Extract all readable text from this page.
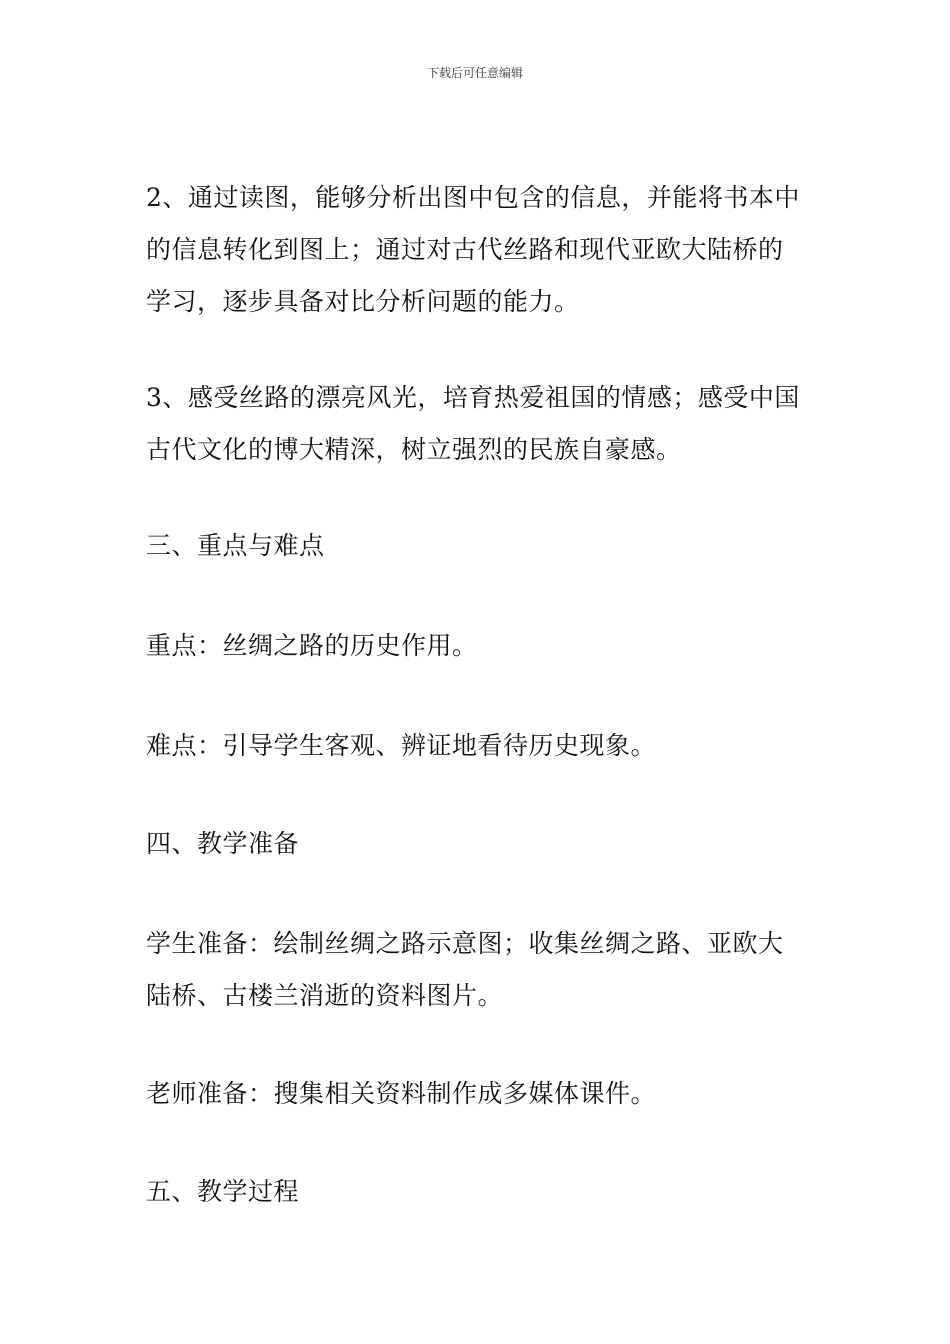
下载后可任意编辑
2、通过读图，能够分析出图中包含的信息，并能将书本中
的信息转化到图上；通过对古代丝路和现代亚欧大陆桥的
学习，逐步具备对比分析问题的能力。
3、感受丝路的漂亮风光，培育热爱祖国的情感；感受中国
古代文化的博大精深，树立强烈的民族自豪感。
三、重点与难点
重点：丝绸之路的历史作用。
难点：引导学生客观、辨证地看待历史现象。
四、教学准备
学生准备：绘制丝绸之路示意图；收集丝绸之路、亚欧大
陆桥、古楼兰消逝的资料图片。
老师准备：搜集相关资料制作成多媒体课件。
五、教学过程
